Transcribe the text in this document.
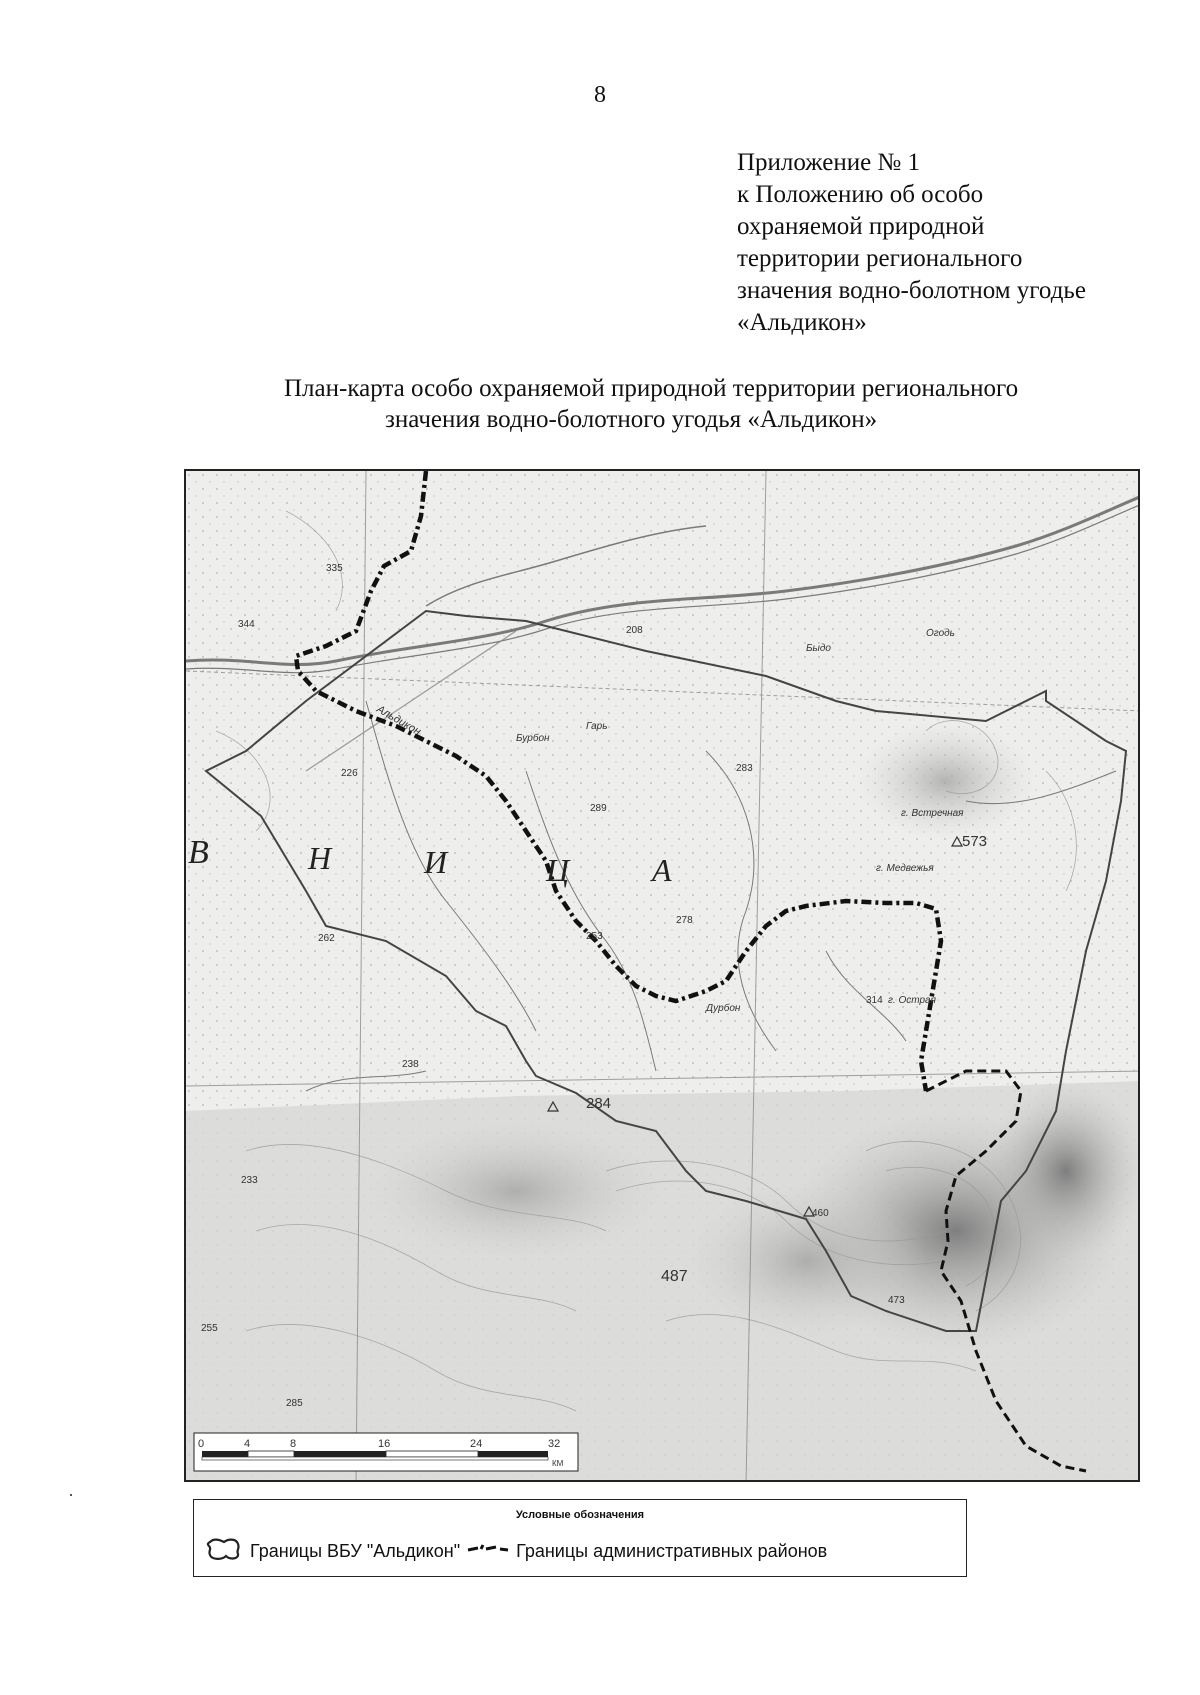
8
Приложение № 1
к Положению об особо
охраняемой природной
территории регионального
значения водно-болотном угодье
«Альдикон»
План-карта особо охраняемой природной территории регионального
значения водно-болотного угодья «Альдикон»
В	Н	И	Ц	А
573
487
284
473
460
314
262	253
278
238
226
208
283
289
335
344
233
255
285
Альдикон
г. Встречная
г. Медвежья
г. Острая
Быдо
Дурбон
Бурбон
Гарь
Огодь
0	4	8	16	24	32
КМ
Условные обозначения
Границы ВБУ "Альдикон"	Границы административных районов
